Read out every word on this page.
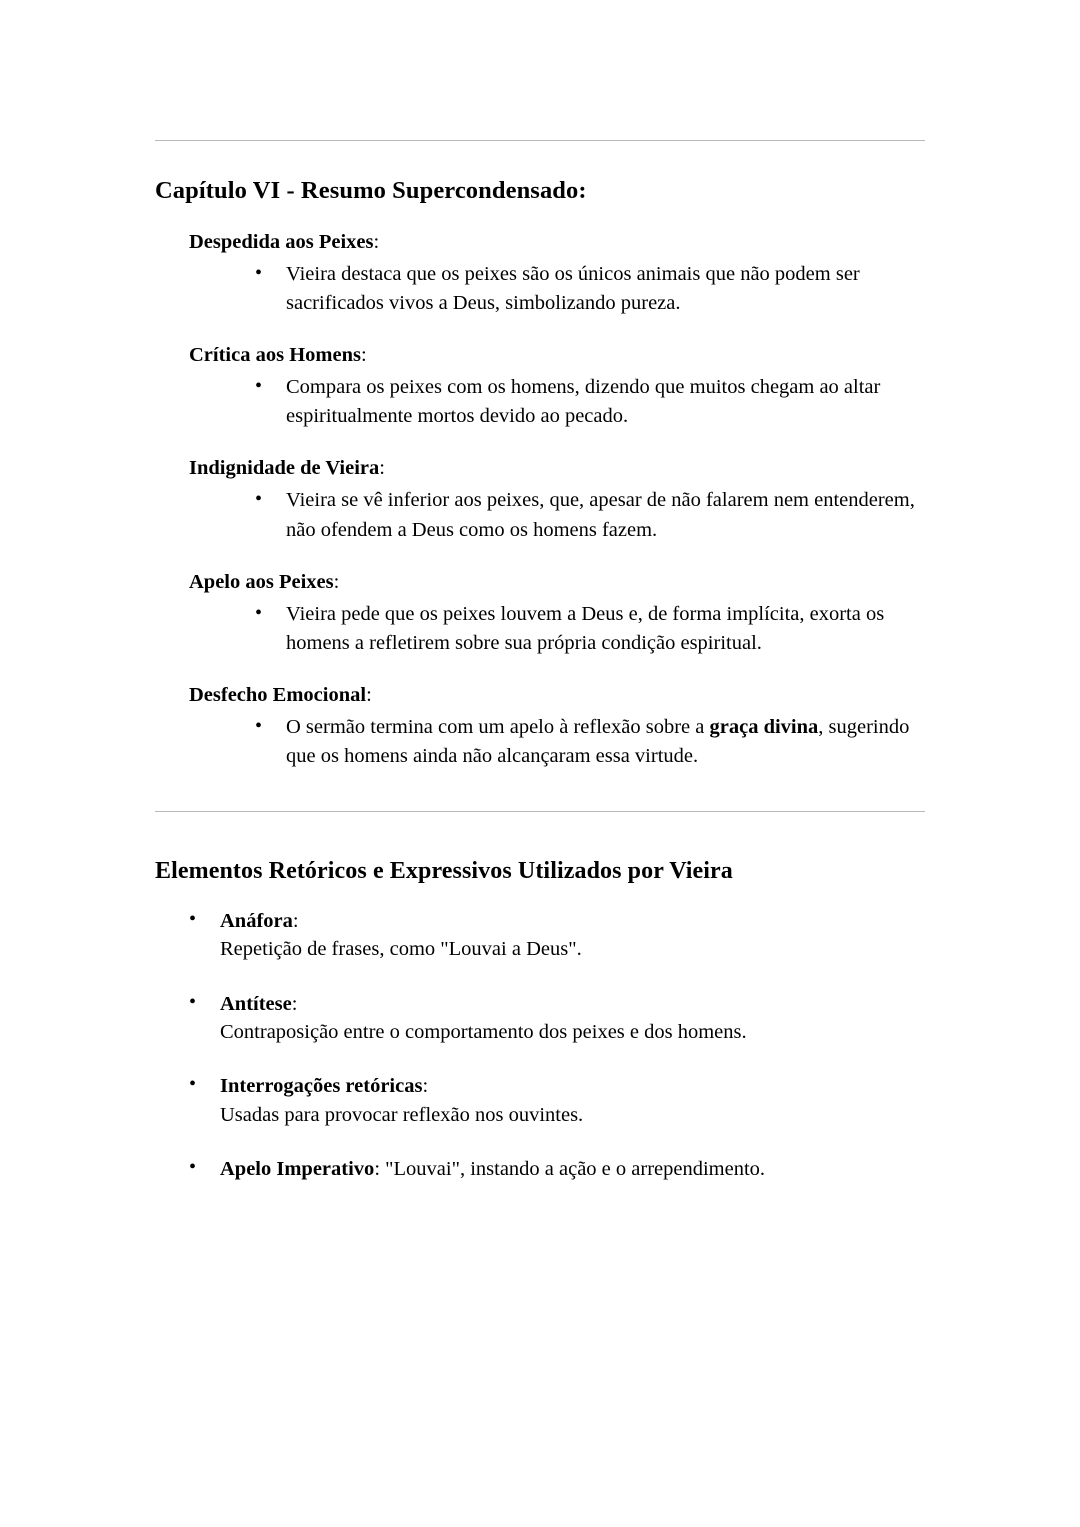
Capítulo VI - Resumo Supercondensado:
Despedida aos Peixes:
• Vieira destaca que os peixes são os únicos animais que não podem ser sacrificados vivos a Deus, simbolizando pureza.
Crítica aos Homens:
• Compara os peixes com os homens, dizendo que muitos chegam ao altar espiritualmente mortos devido ao pecado.
Indignidade de Vieira:
• Vieira se vê inferior aos peixes, que, apesar de não falarem nem entenderem, não ofendem a Deus como os homens fazem.
Apelo aos Peixes:
• Vieira pede que os peixes louvem a Deus e, de forma implícita, exorta os homens a refletirem sobre sua própria condição espiritual.
Desfecho Emocional:
• O sermão termina com um apelo à reflexão sobre a graça divina, sugerindo que os homens ainda não alcançaram essa virtude.
Elementos Retóricos e Expressivos Utilizados por Vieira
• Anáfora:
Repetição de frases, como "Louvai a Deus".
• Antítese:
Contraposição entre o comportamento dos peixes e dos homens.
• Interrogações retóricas:
Usadas para provocar reflexão nos ouvintes.
• Apelo Imperativo: "Louvai", instando a ação e o arrependimento.
